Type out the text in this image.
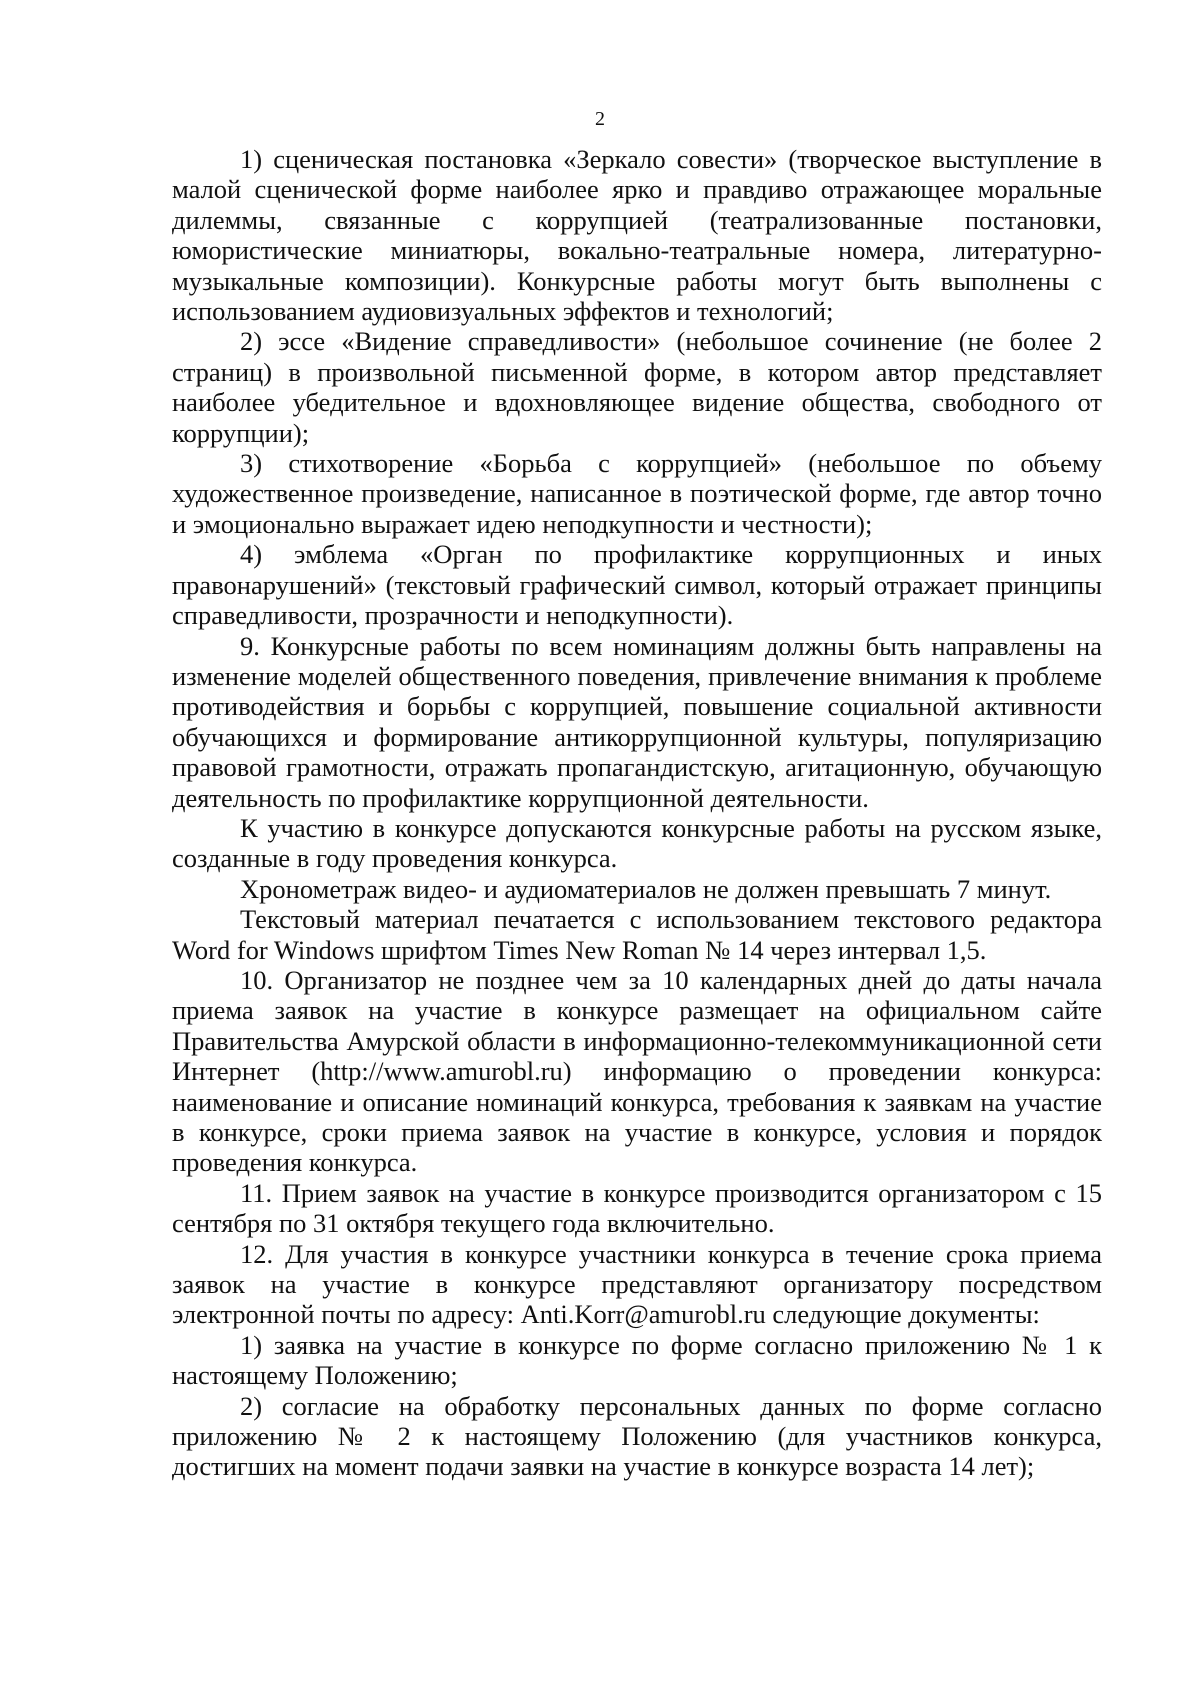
2

1) сценическая постановка «Зеркало совести» (творческое выступление в малой сценической форме наиболее ярко и правдиво отражающее моральные дилеммы, связанные с коррупцией (театрализованные постановки, юмористические миниатюры, вокально-театральные номера, литературно-музыкальные композиции). Конкурсные работы могут быть выполнены с использованием аудиовизуальных эффектов и технологий;

2) эссе «Видение справедливости» (небольшое сочинение (не более 2 страниц) в произвольной письменной форме, в котором автор представляет наиболее убедительное и вдохновляющее видение общества, свободного от коррупции);

3) стихотворение «Борьба с коррупцией» (небольшое по объему художественное произведение, написанное в поэтической форме, где автор точно и эмоционально выражает идею неподкупности и честности);

4) эмблема «Орган по профилактике коррупционных и иных правонарушений» (текстовый графический символ, который отражает принципы справедливости, прозрачности и неподкупности).

9. Конкурсные работы по всем номинациям должны быть направлены на изменение моделей общественного поведения, привлечение внимания к проблеме противодействия и борьбы с коррупцией, повышение социальной активности обучающихся и формирование антикоррупционной культуры, популяризацию правовой грамотности, отражать пропагандистскую, агитационную, обучающую деятельность по профилактике коррупционной деятельности.

К участию в конкурсе допускаются конкурсные работы на русском языке, созданные в году проведения конкурса.

Хронометраж видео- и аудиоматериалов не должен превышать 7 минут.

Текстовый материал печатается с использованием текстового редактора Word for Windows шрифтом Times New Roman № 14 через интервал 1,5.

10. Организатор не позднее чем за 10 календарных дней до даты начала приема заявок на участие в конкурсе размещает на официальном сайте Правительства Амурской области в информационно-телекоммуникационной сети Интернет (http://www.amurobl.ru) информацию о проведении конкурса: наименование и описание номинаций конкурса, требования к заявкам на участие в конкурсе, сроки приема заявок на участие в конкурсе, условия и порядок проведения конкурса.

11. Прием заявок на участие в конкурсе производится организатором с 15 сентября по 31 октября текущего года включительно.

12. Для участия в конкурсе участники конкурса в течение срока приема заявок на участие в конкурсе представляют организатору посредством электронной почты по адресу: Anti.Korr@amurobl.ru следующие документы:

1) заявка на участие в конкурсе по форме согласно приложению № 1 к настоящему Положению;

2) согласие на обработку персональных данных по форме согласно приложению № 2 к настоящему Положению (для участников конкурса, достигших на момент подачи заявки на участие в конкурсе возраста 14 лет);
